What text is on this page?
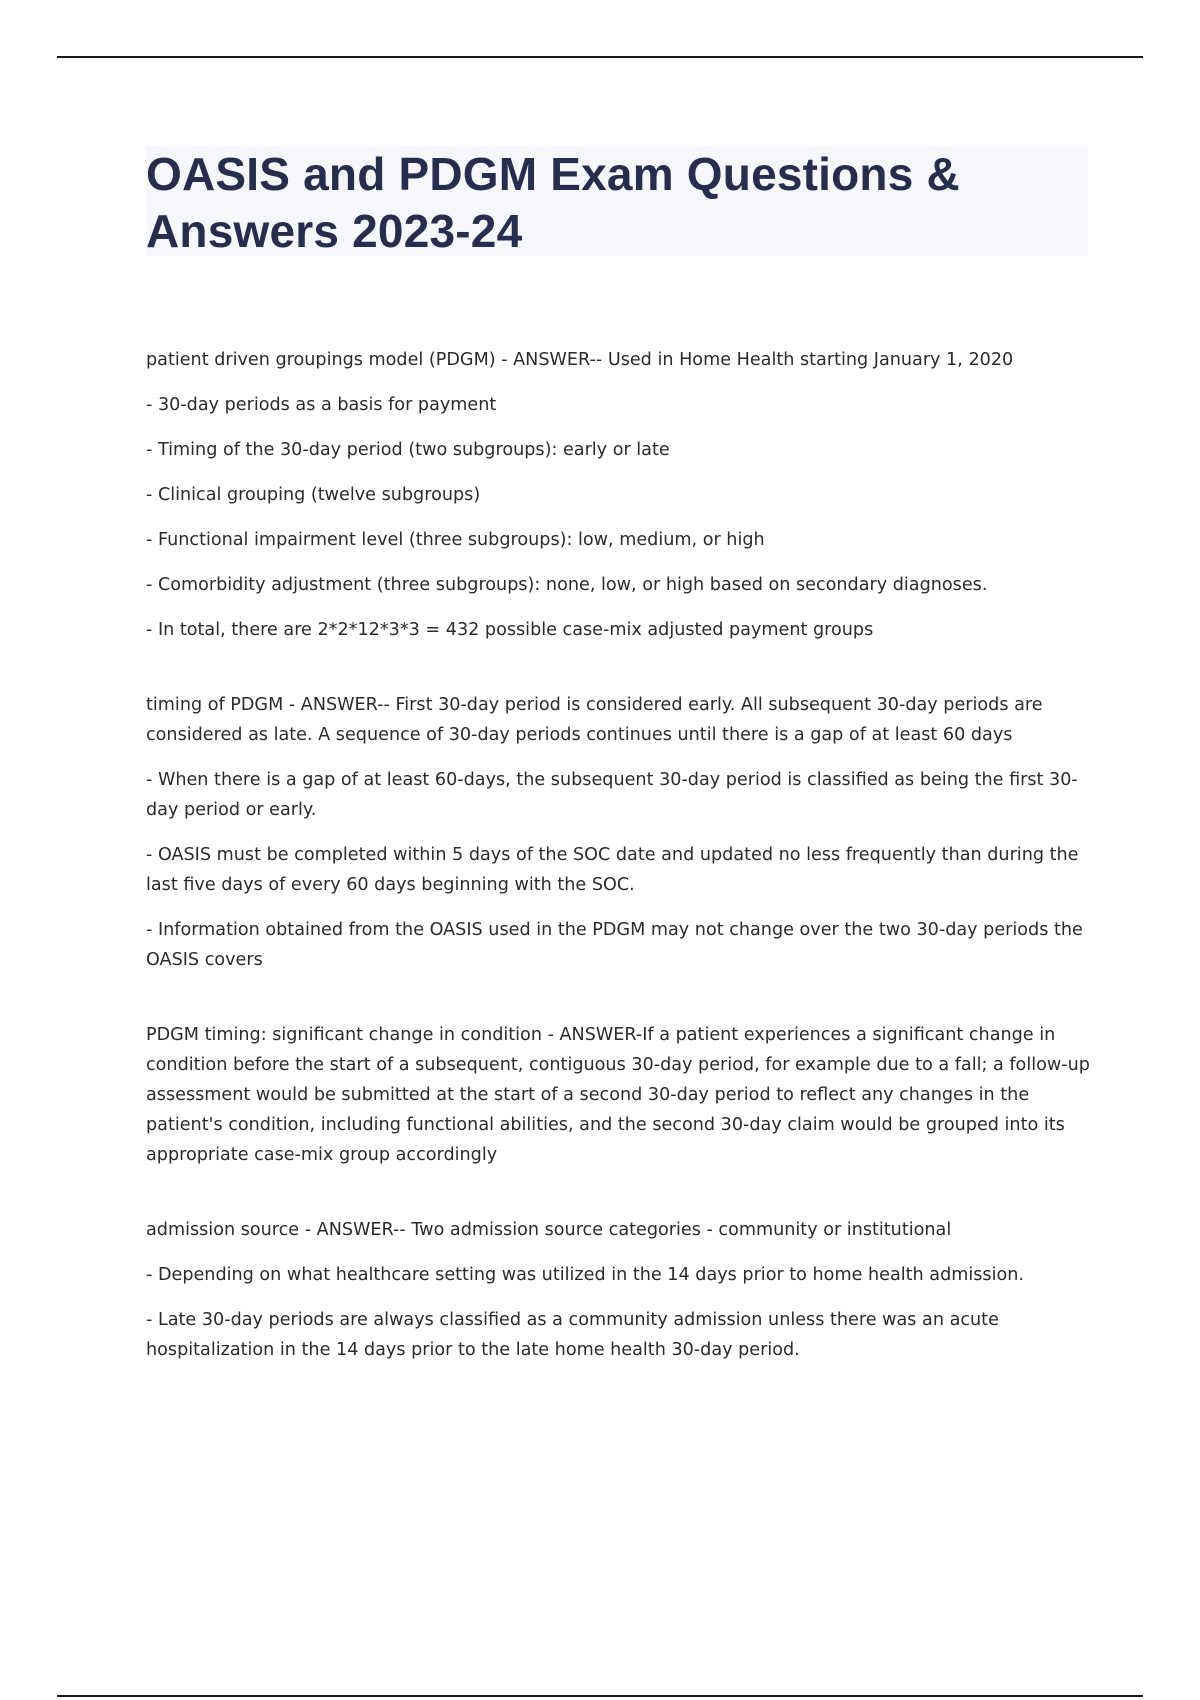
OASIS and PDGM Exam Questions & Answers 2023-24

patient driven groupings model (PDGM) - ANSWER-- Used in Home Health starting January 1, 2020

- 30-day periods as a basis for payment

- Timing of the 30-day period (two subgroups): early or late

- Clinical grouping (twelve subgroups)

- Functional impairment level (three subgroups): low, medium, or high

- Comorbidity adjustment (three subgroups): none, low, or high based on secondary diagnoses.

- In total, there are 2*2*12*3*3 = 432 possible case-mix adjusted payment groups

timing of PDGM - ANSWER-- First 30-day period is considered early. All subsequent 30-day periods are considered as late. A sequence of 30-day periods continues until there is a gap of at least 60 days

- When there is a gap of at least 60-days, the subsequent 30-day period is classified as being the first 30-day period or early.

- OASIS must be completed within 5 days of the SOC date and updated no less frequently than during the last five days of every 60 days beginning with the SOC.

- Information obtained from the OASIS used in the PDGM may not change over the two 30-day periods the OASIS covers

PDGM timing: significant change in condition - ANSWER-If a patient experiences a significant change in condition before the start of a subsequent, contiguous 30-day period, for example due to a fall; a follow-up assessment would be submitted at the start of a second 30-day period to reflect any changes in the patient's condition, including functional abilities, and the second 30-day claim would be grouped into its appropriate case-mix group accordingly

admission source - ANSWER-- Two admission source categories - community or institutional

- Depending on what healthcare setting was utilized in the 14 days prior to home health admission.

- Late 30-day periods are always classified as a community admission unless there was an acute hospitalization in the 14 days prior to the late home health 30-day period.
